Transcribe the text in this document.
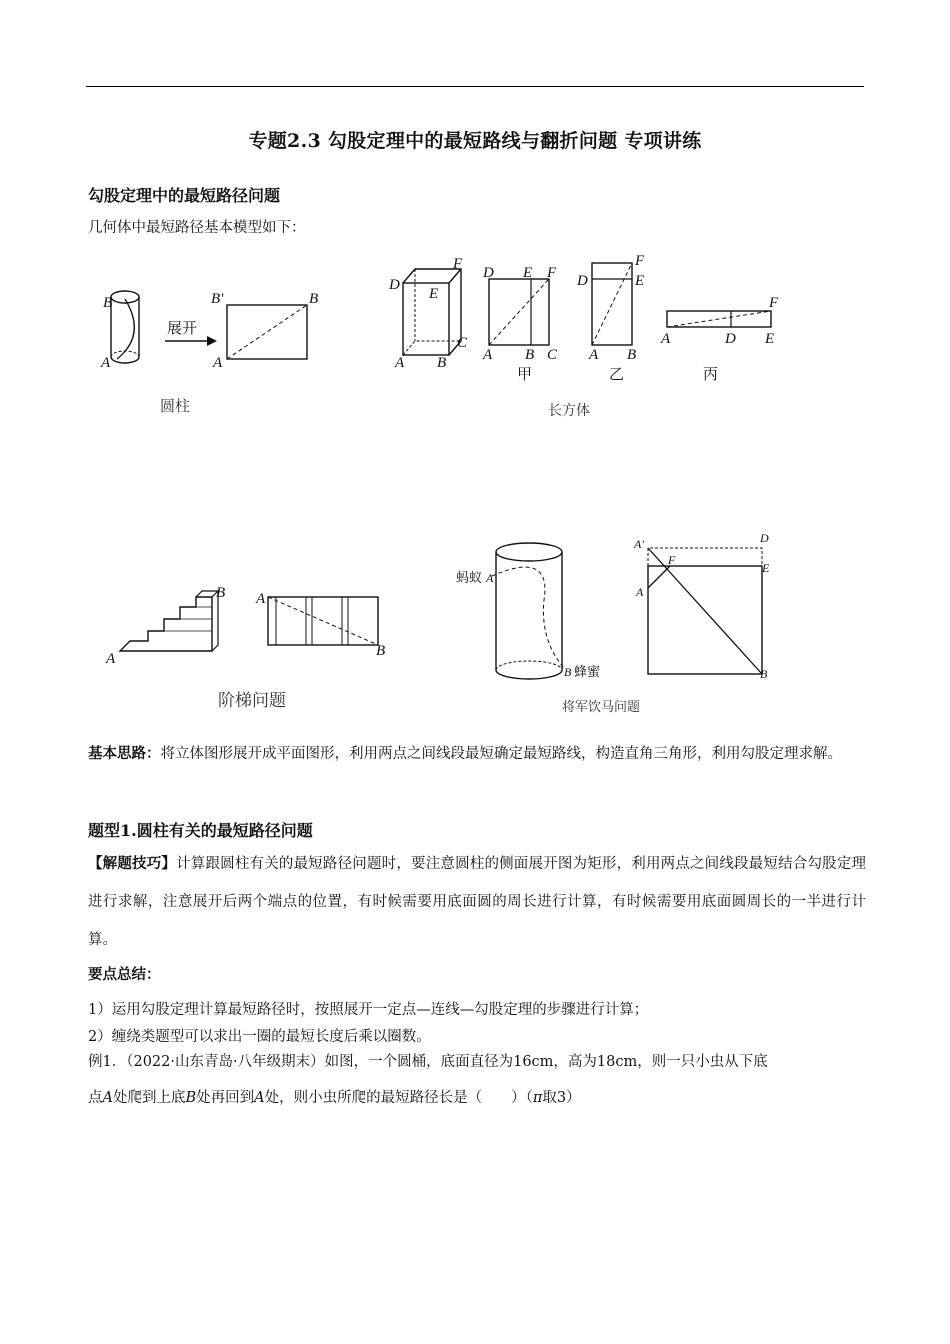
专题2.3 勾股定理中的最短路线与翻折问题 专项讲练
勾股定理中的最短路径问题
几何体中最短路径基本模型如下：
B
A
展开
B′	B
A
圆柱
D
F
E
A B
C
D E F
A B C
甲
D
F
E
A B
乙
F
A	D E
丙
长方体
B
A
A
B
阶梯问题
蚂蚁 A
B 蜂蜜
A′
F
A
D
E
B
将军饮马问题
基本思路：将立体图形展开成平面图形，利用两点之间线段最短确定最短路线，构造直角三角形，利用勾股定理求解。
题型1.圆柱有关的最短路径问题
【解题技巧】计算跟圆柱有关的最短路径问题时，要注意圆柱的侧面展开图为矩形，利用两点之间线段最短结合勾股定理进行求解，注意展开后两个端点的位置，有时候需要用底面圆的周长进行计算，有时候需要用底面圆周长的一半进行计算。
要点总结：
1）运用勾股定理计算最短路径时，按照展开一定点—连线—勾股定理的步骤进行计算；
2）缠绕类题型可以求出一圈的最短长度后乘以圈数。
例1．（2022·山东青岛·八年级期末）如图，一个圆桶，底面直径为16cm，高为18cm，则一只小虫从下底
点A处爬到上底B处再回到A处，则小虫所爬的最短路径长是（　　）（π取3）
